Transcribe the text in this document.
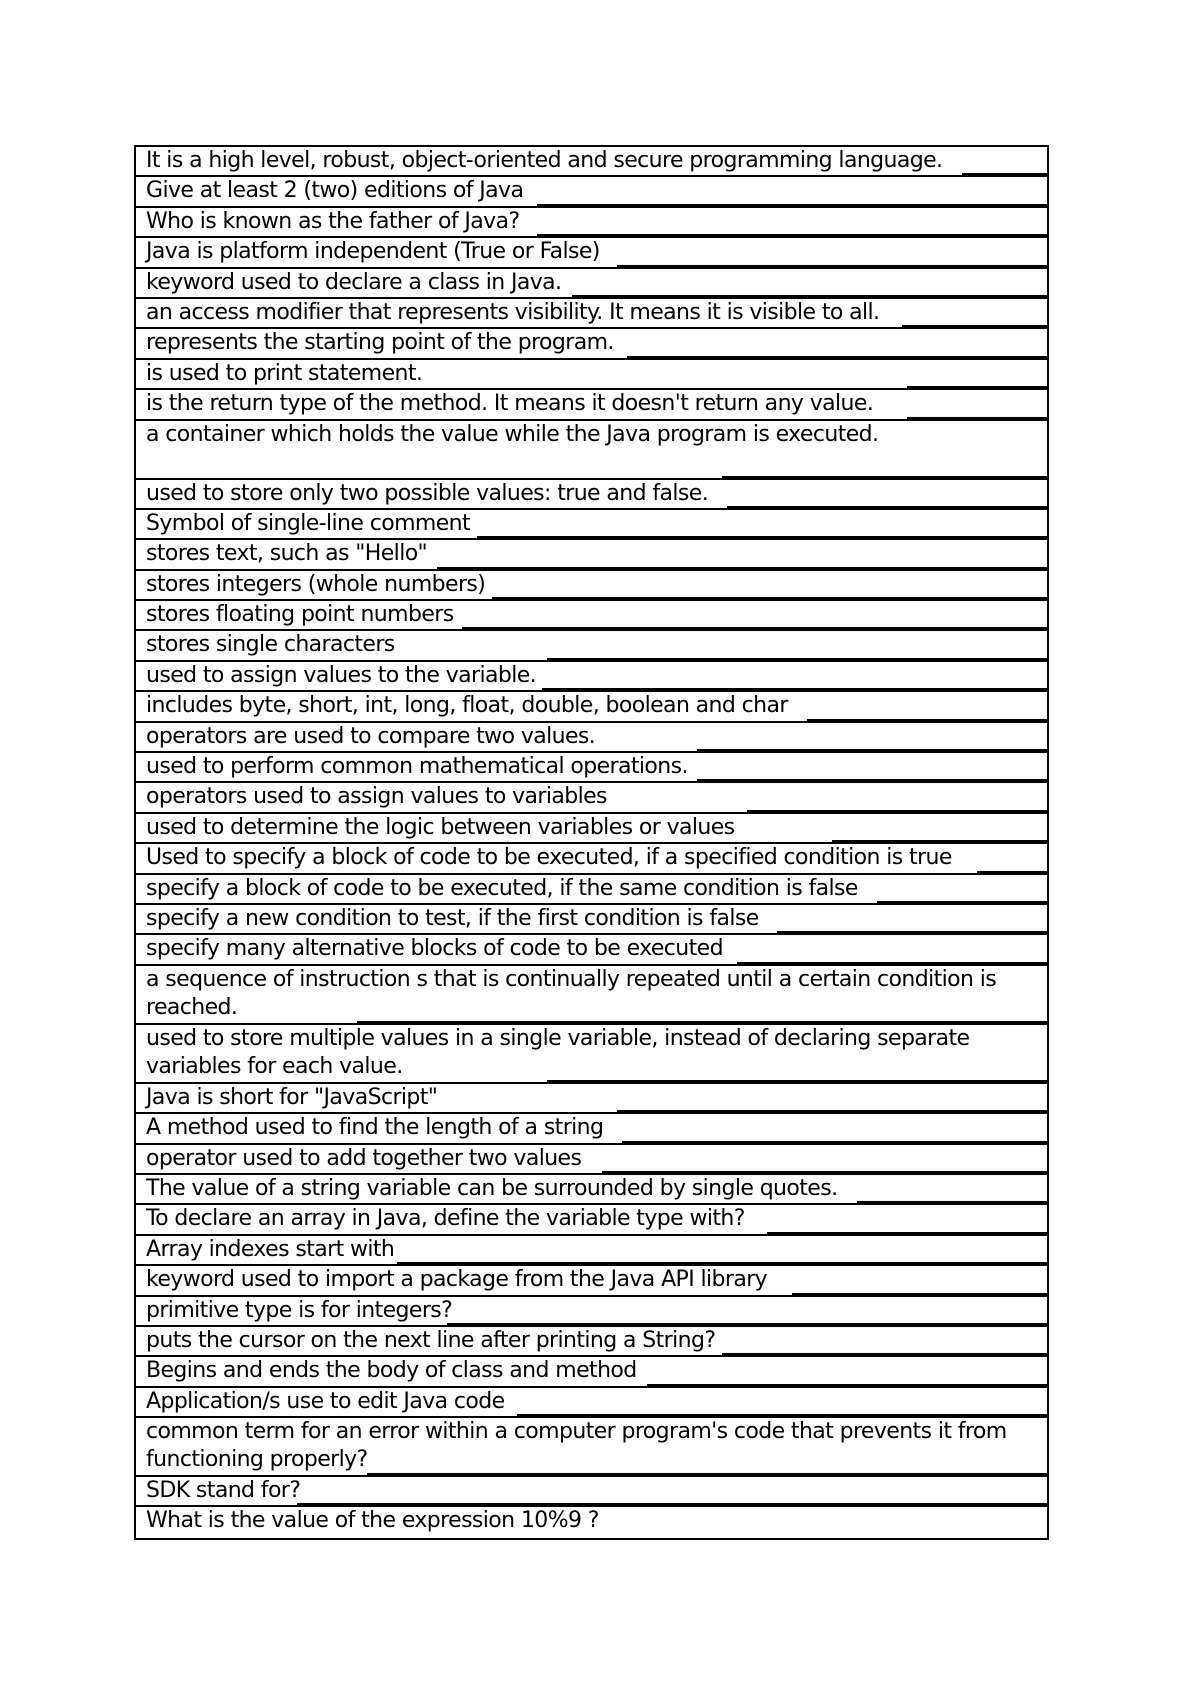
It is a high level, robust, object-oriented and secure programming language.
Give at least 2 (two) editions of Java
Who is known as the father of Java?
Java is platform independent (True or False)
keyword used to declare a class in Java.
an access modifier that represents visibility. It means it is visible to all.
represents the starting point of the program.
is used to print statement.
is the return type of the method. It means it doesn't return any value.
a container which holds the value while the Java program is executed.
used to store only two possible values: true and false.
Symbol of single-line comment
stores text, such as "Hello"
stores integers (whole numbers)
stores floating point numbers
stores single characters
used to assign values to the variable.
includes byte, short, int, long, float, double, boolean and char
operators are used to compare two values.
used to perform common mathematical operations.
operators used to assign values to variables
used to determine the logic between variables or values
Used to specify a block of code to be executed, if a specified condition is true
specify a block of code to be executed, if the same condition is false
specify a new condition to test, if the first condition is false
specify many alternative blocks of code to be executed
a sequence of instruction s that is continually repeated until a certain condition is reached.
used to store multiple values in a single variable, instead of declaring separate variables for each value.
Java is short for "JavaScript"
A method used to find the length of a string
operator used to add together two values
The value of a string variable can be surrounded by single quotes.
To declare an array in Java, define the variable type with?
Array indexes start with
keyword used to import a package from the Java API library
primitive type is for integers?
puts the cursor on the next line after printing a String?
Begins and ends the body of class and method
Application/s use to edit Java code
common term for an error within a computer program's code that prevents it from functioning properly?
SDK stand for?
What is the value of the expression 10%9 ?
